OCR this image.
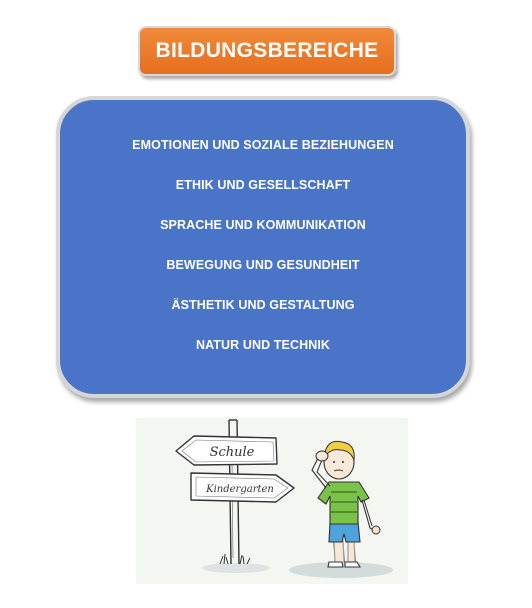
BILDUNGSBEREICHE
EMOTIONEN UND SOZIALE BEZIEHUNGEN
ETHIK UND GESELLSCHAFT
SPRACHE UND KOMMUNIKATION
BEWEGUNG UND GESUNDHEIT
ÄSTHETIK UND GESTALTUNG
NATUR UND TECHNIK
Schule
Kindergarten
